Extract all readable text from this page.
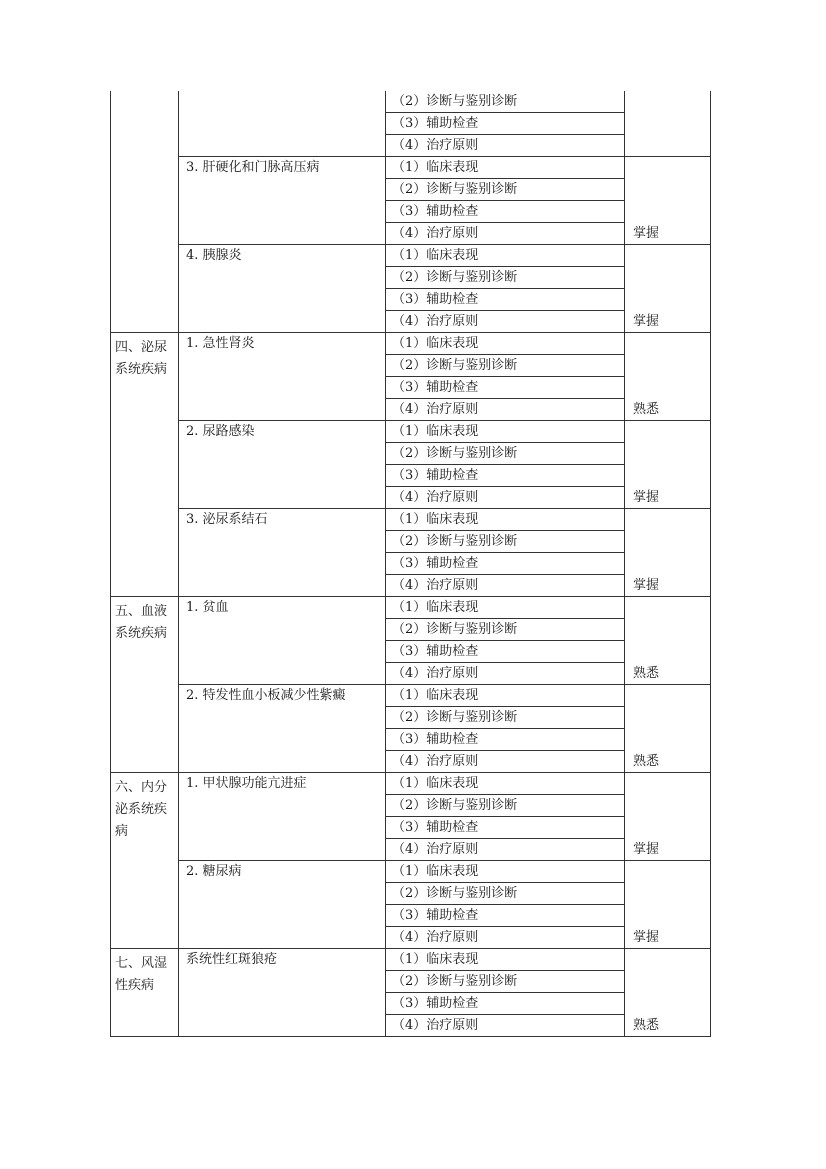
		（2）诊断与鉴别诊断	
		（3）辅助检查	
		（4）治疗原则	
	3. 肝硬化和门脉高压病	（1）临床表现	掌握
		（2）诊断与鉴别诊断	
		（3）辅助检查	
		（4）治疗原则	
	4. 胰腺炎	（1）临床表现	掌握
		（2）诊断与鉴别诊断	
		（3）辅助检查	
		（4）治疗原则	
四、泌尿系统疾病	1. 急性肾炎	（1）临床表现	熟悉
		（2）诊断与鉴别诊断	
		（3）辅助检查	
		（4）治疗原则	
	2. 尿路感染	（1）临床表现	掌握
		（2）诊断与鉴别诊断	
		（3）辅助检查	
		（4）治疗原则	
	3. 泌尿系结石	（1）临床表现	掌握
		（2）诊断与鉴别诊断	
		（3）辅助检查	
		（4）治疗原则	
五、血液系统疾病	1. 贫血	（1）临床表现	熟悉
		（2）诊断与鉴别诊断	
		（3）辅助检查	
		（4）治疗原则	
	2. 特发性血小板减少性紫癜	（1）临床表现	熟悉
		（2）诊断与鉴别诊断	
		（3）辅助检查	
		（4）治疗原则	
六、内分泌系统疾病	1. 甲状腺功能亢进症	（1）临床表现	掌握
		（2）诊断与鉴别诊断	
		（3）辅助检查	
		（4）治疗原则	
	2. 糖尿病	（1）临床表现	掌握
		（2）诊断与鉴别诊断	
		（3）辅助检查	
		（4）治疗原则	
七、风湿性疾病	系统性红斑狼疮	（1）临床表现	熟悉
		（2）诊断与鉴别诊断	
		（3）辅助检查	
		（4）治疗原则	
